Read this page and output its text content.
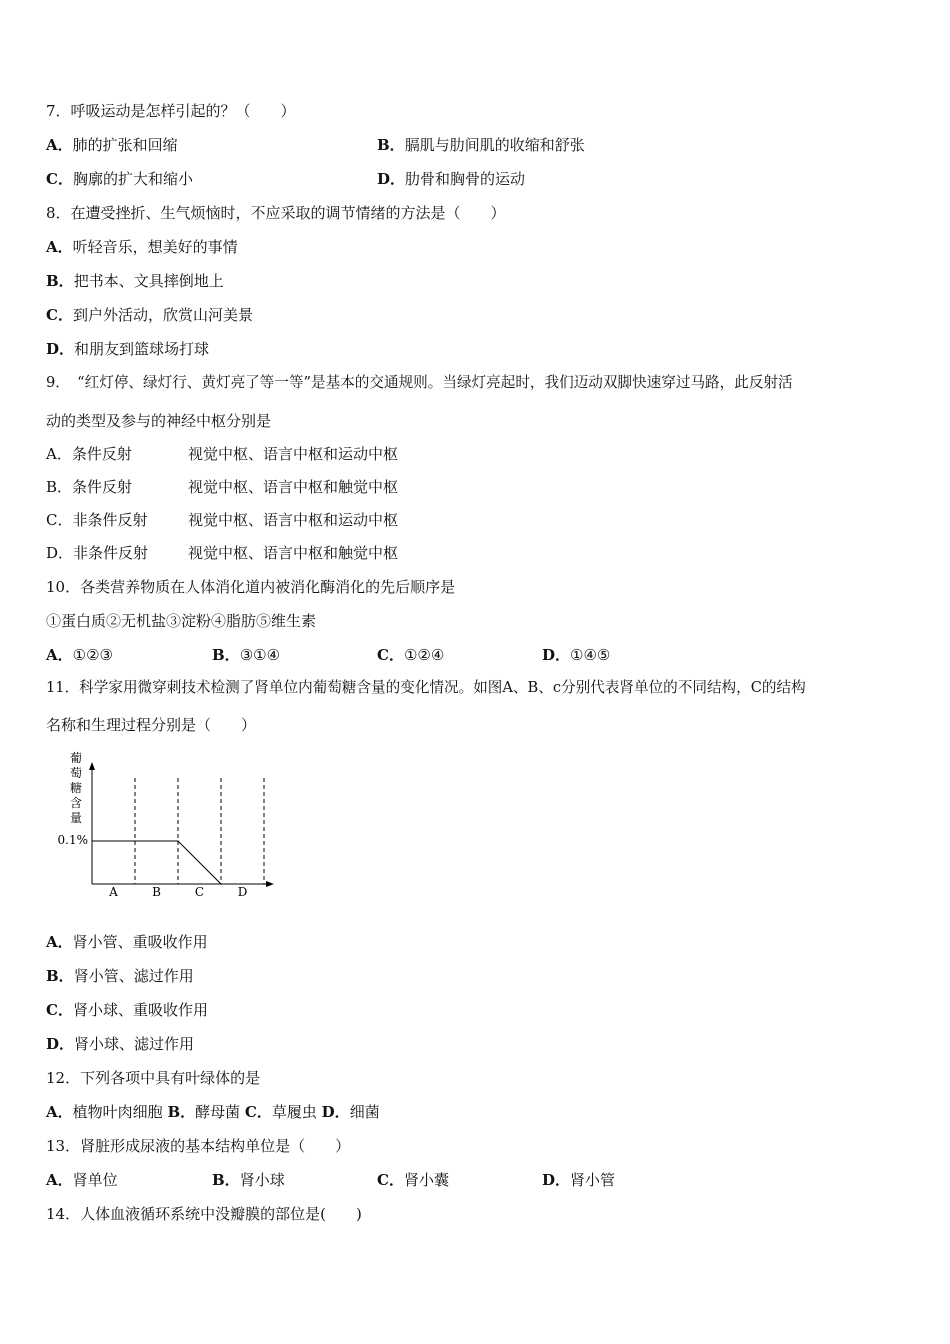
7．呼吸运动是怎样引起的？（　　）
A．肺的扩张和回缩	B．膈肌与肋间肌的收缩和舒张
C．胸廓的扩大和缩小	D．肋骨和胸骨的运动
8．在遭受挫折、生气烦恼时，不应采取的调节情绪的方法是（　　）
A．听轻音乐，想美好的事情
B．把书本、文具摔倒地上
C．到户外活动，欣赏山河美景
D．和朋友到篮球场打球
9．　“红灯停、绿灯行、黄灯亮了等一等”是基本的交通规则。当绿灯亮起时，我们迈动双脚快速穿过马路，此反射活
动的类型及参与的神经中枢分别是
A．条件反射	视觉中枢、语言中枢和运动中枢
B．条件反射	视觉中枢、语言中枢和触觉中枢
C．非条件反射	视觉中枢、语言中枢和运动中枢
D．非条件反射	视觉中枢、语言中枢和触觉中枢
10．各类营养物质在人体消化道内被消化酶消化的先后顺序是
①蛋白质②无机盐③淀粉④脂肪⑤维生素
A．①②③	B．③①④	C．①②④	D．①④⑤
11．科学家用微穿刺技术检测了肾单位内葡萄糖含量的变化情况。如图A、B、c分别代表肾单位的不同结构，C的结构
名称和生理过程分别是（　　）
葡
萄
糖
含
量
0.1%
A	B	C	D
A．肾小管、重吸收作用
B．肾小管、滤过作用
C．肾小球、重吸收作用
D．肾小球、滤过作用
12．下列各项中具有叶绿体的是
A．植物叶肉细胞 B．酵母菌 C．草履虫 D．细菌
13．肾脏形成尿液的基本结构单位是（　　）
A．肾单位	B．肾小球	C．肾小囊	D．肾小管
14．人体血液循环系统中没瓣膜的部位是(　　)
